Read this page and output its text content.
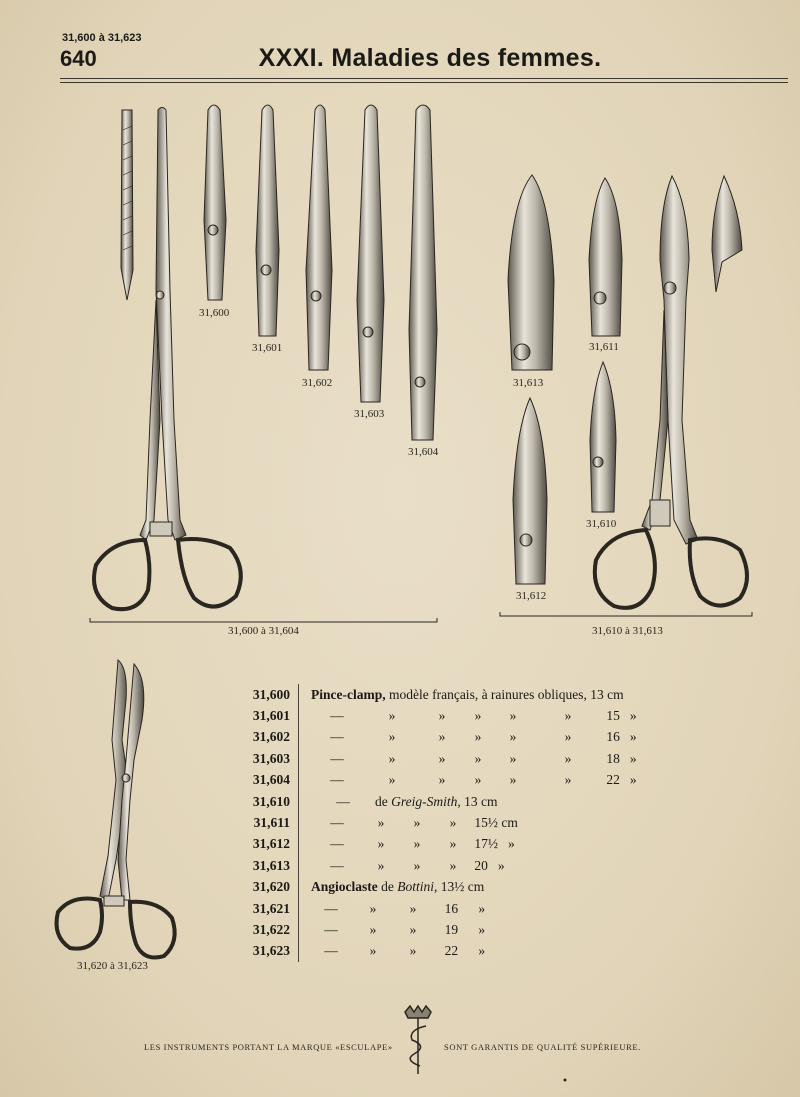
31,600 à 31,623
640	XXXI. Maladies des femmes.
31,600
31,601
31,602
31,603
31,604
31,613
31,611
31,610
31,612
31,600 à 31,604	31,610 à 31,613
31,620 à 31,623
31,600	Pince-clamp, modèle français, à rainures obliques, 13 cm
31,601	— » » » » » 15 »
31,602	— » » » » » 16 »
31,603	— » » » » » 18 »
31,604	— » » » » » 22 »
31,610	— de Greig-Smith, 13 cm
31,611	— » » » 15½ cm
31,612	— » » » 17½ »
31,613	— » » » 20 »
31,620	Angioclaste de Bottini, 13½ cm
31,621	— » » 16 »
31,622	— » » 19 »
31,623	— » » 22 »
LES INSTRUMENTS PORTANT LA MARQUE «ESCULAPE»	SONT GARANTIS DE QUALITÉ SUPÉRIEURE.
